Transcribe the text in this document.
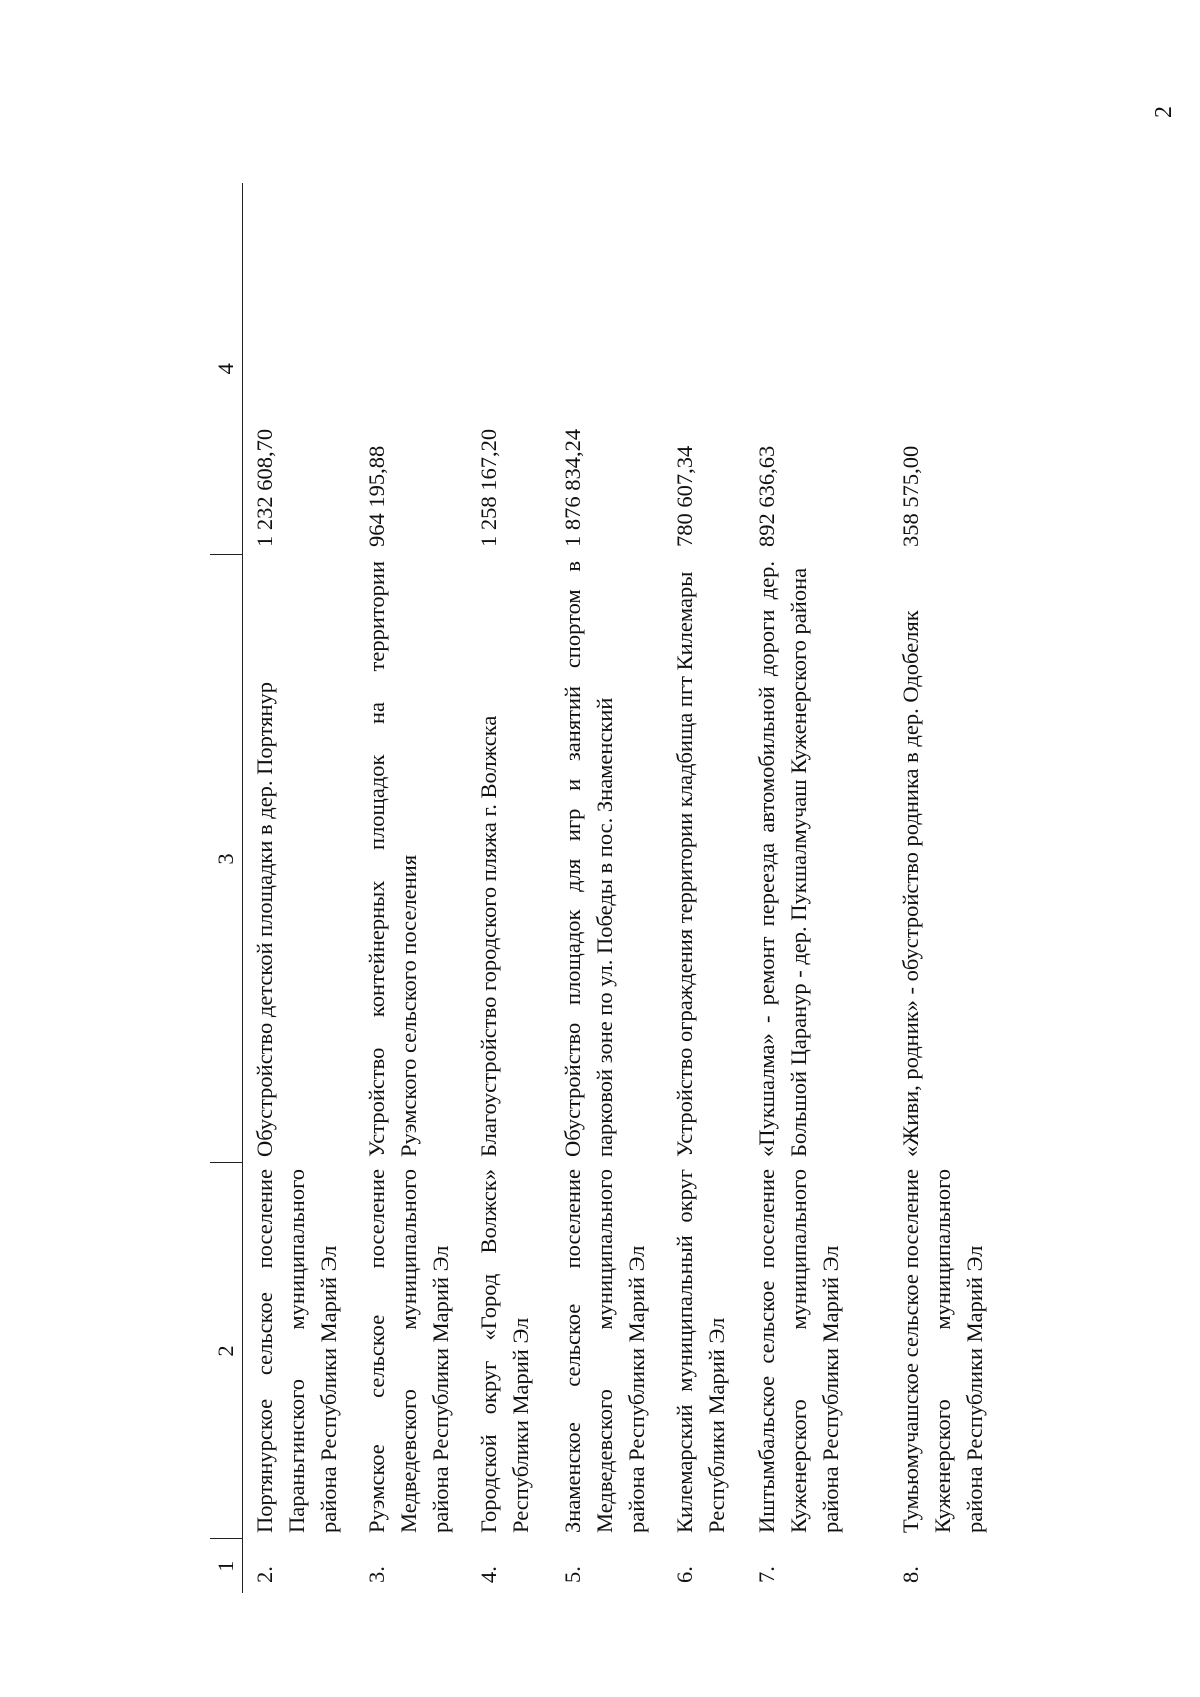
2
1	2	3	4
2.	Портянурское сельское поселение Параньгинского муниципального района Республики Марий Эл	Обустройство детской площадки в дер. Портянур	1 232 608,70
3.	Руэмское сельское поселение Медведевского муниципального района Республики Марий Эл	Устройство контейнерных площадок на территории Руэмского сельского поселения	964 195,88
4.	Городской округ «Город Волжск» Республики Марий Эл	Благоустройство городского пляжа г. Волжска	1 258 167,20
5.	Знаменское сельское поселение Медведевского муниципального района Республики Марий Эл	Обустройство площадок для игр и занятий спортом в парковой зоне по ул. Победы в пос. Знаменский	1 876 834,24
6.	Килемарский муниципальный округ Республики Марий Эл	Устройство ограждения территории кладбища пгт Килемары	780 607,34
7.	Иштымбальское сельское поселение Куженерского муниципального района Республики Марий Эл	«Пукшалма» - ремонт переезда автомобильной дороги дер. Большой Царанур - дер. Пукшалмучаш Куженерского района	892 636,63
8.	Тумьюмучашское сельское поселение Куженерского муниципального района Республики Марий Эл	«Живи, родник» - обустройство родника в дер. Одобеляк	358 575,00
